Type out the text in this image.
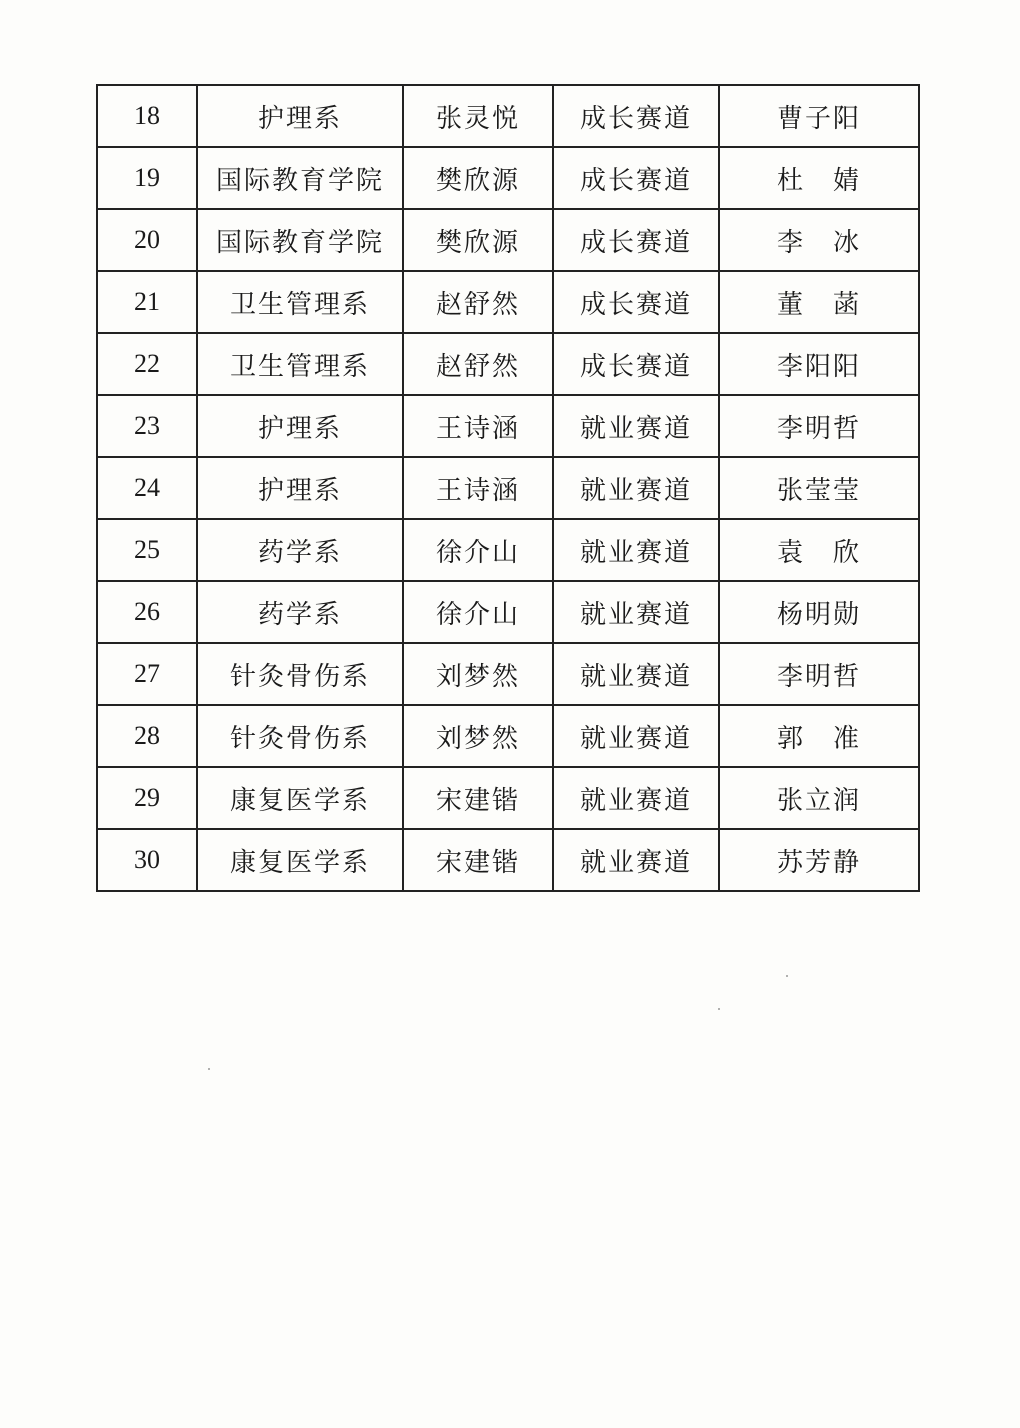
18	护理系	张灵悦	成长赛道	曹子阳
19	国际教育学院	樊欣源	成长赛道	杜　婧
20	国际教育学院	樊欣源	成长赛道	李　冰
21	卫生管理系	赵舒然	成长赛道	董　菡
22	卫生管理系	赵舒然	成长赛道	李阳阳
23	护理系	王诗涵	就业赛道	李明哲
24	护理系	王诗涵	就业赛道	张莹莹
25	药学系	徐介山	就业赛道	袁　欣
26	药学系	徐介山	就业赛道	杨明勋
27	针灸骨伤系	刘梦然	就业赛道	李明哲
28	针灸骨伤系	刘梦然	就业赛道	郭　准
29	康复医学系	宋建锴	就业赛道	张立润
30	康复医学系	宋建锴	就业赛道	苏芳静
